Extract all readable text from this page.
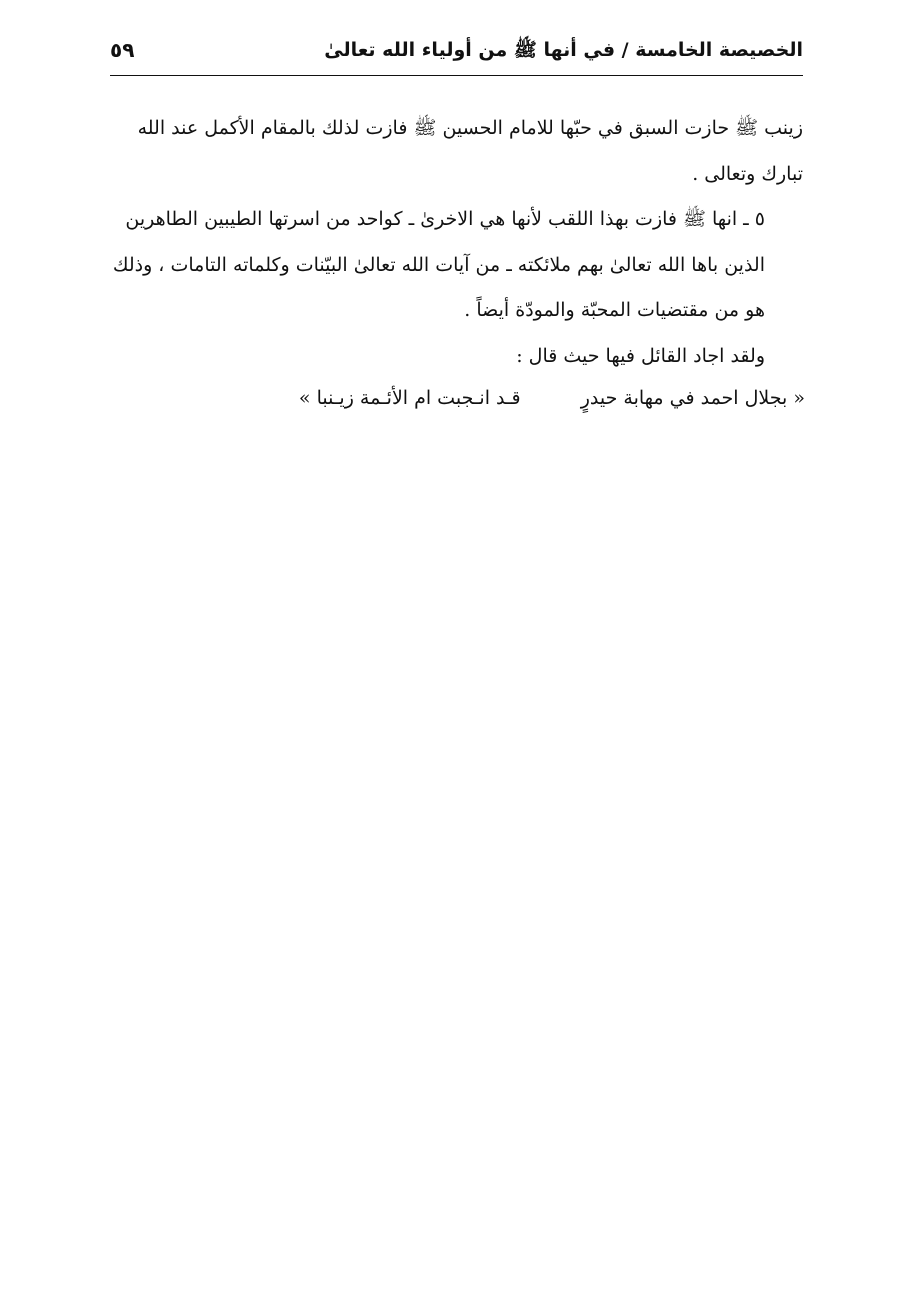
الخصيصة الخامسة / في أنها ﷺ من أولياء الله تعالىٰ
٥٩

زينب ﷺ حازت السبق في حبّها للامام الحسين ﷺ فازت لذلك بالمقام الأكمل عند الله تبارك وتعالى .

٥ ـ انها ﷺ فازت بهذا اللقب لأنها هي الاخرىٰ ـ كواحد من اسرتها الطيبين الطاهرين الذين باها الله تعالىٰ بهم ملائكته ـ من آيات الله تعالىٰ البيّنات وكلماته التامات ، وذلك هو من مقتضيات المحبّة والمودّة أيضاً .

ولقد اجاد القائل فيها حيث قال :

« بجلال احمد في مهابة حيدرٍ  قـد انـجبت ام الأئـمة زيـنبا »
